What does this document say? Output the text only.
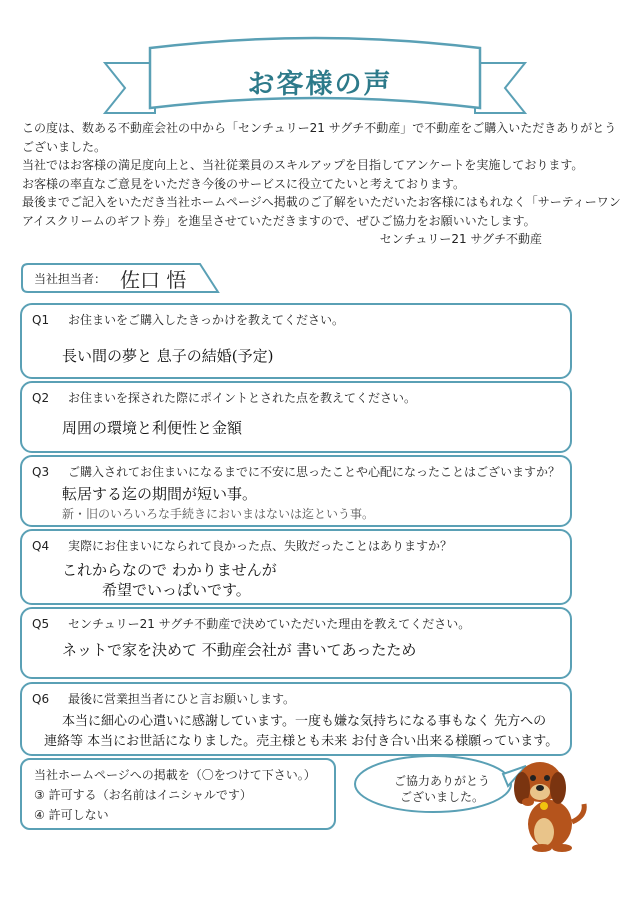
お客様の声

この度は、数ある不動産会社の中から「センチュリー21 サグチ不動産」で不動産をご購入いただきありがとうございました。

当社ではお客様の満足度向上と、当社従業員のスキルアップを目指してアンケートを実施しております。

お客様の率直なご意見をいただき今後のサービスに役立てたいと考えております。

最後までご記入をいただき当社ホームページへ掲載のご了解をいただいたお客様にはもれなく「サーティーワンアイスクリームのギフト券」を進呈させていただきますので、ぜひご協力をお願いいたします。

センチュリー21 サグチ不動産

当社担当者： 佐口 悟
Q1 お住まいをご購入したきっかけを教えてください。
長い間の夢と 息子の結婚(予定)
Q2 お住まいを探された際にポイントとされた点を教えてください。
周囲の環境と利便性と金額
Q3 ご購入されてお住まいになるまでに不安に思ったことや心配になったことはございますか？
転居する迄の期間が短い事。
新・旧のいろいろな手続きにおいまはないは迄という事。
Q4 実際にお住まいになられて良かった点、失敗だったことはありますか？
これからなので わかりませんが
希望でいっぱいです。
Q5 センチュリー21 サグチ不動産で決めていただいた理由を教えてください。
ネットで家を決めて 不動産会社が 書いてあったため
Q6 最後に営業担当者にひと言お願いします。
本当に細心の心遣いに感謝しています。一度も嫌な気持ちになる事もなく 先方への
連絡等 本当にお世話になりました。売主様とも未来 お付き合い出来る様願っています。
当社ホームページへの掲載を（〇をつけて下さい。）
③ 許可する（お名前はイニシャルです）
④ 許可しない
ご協力ありがとう
ございました。
